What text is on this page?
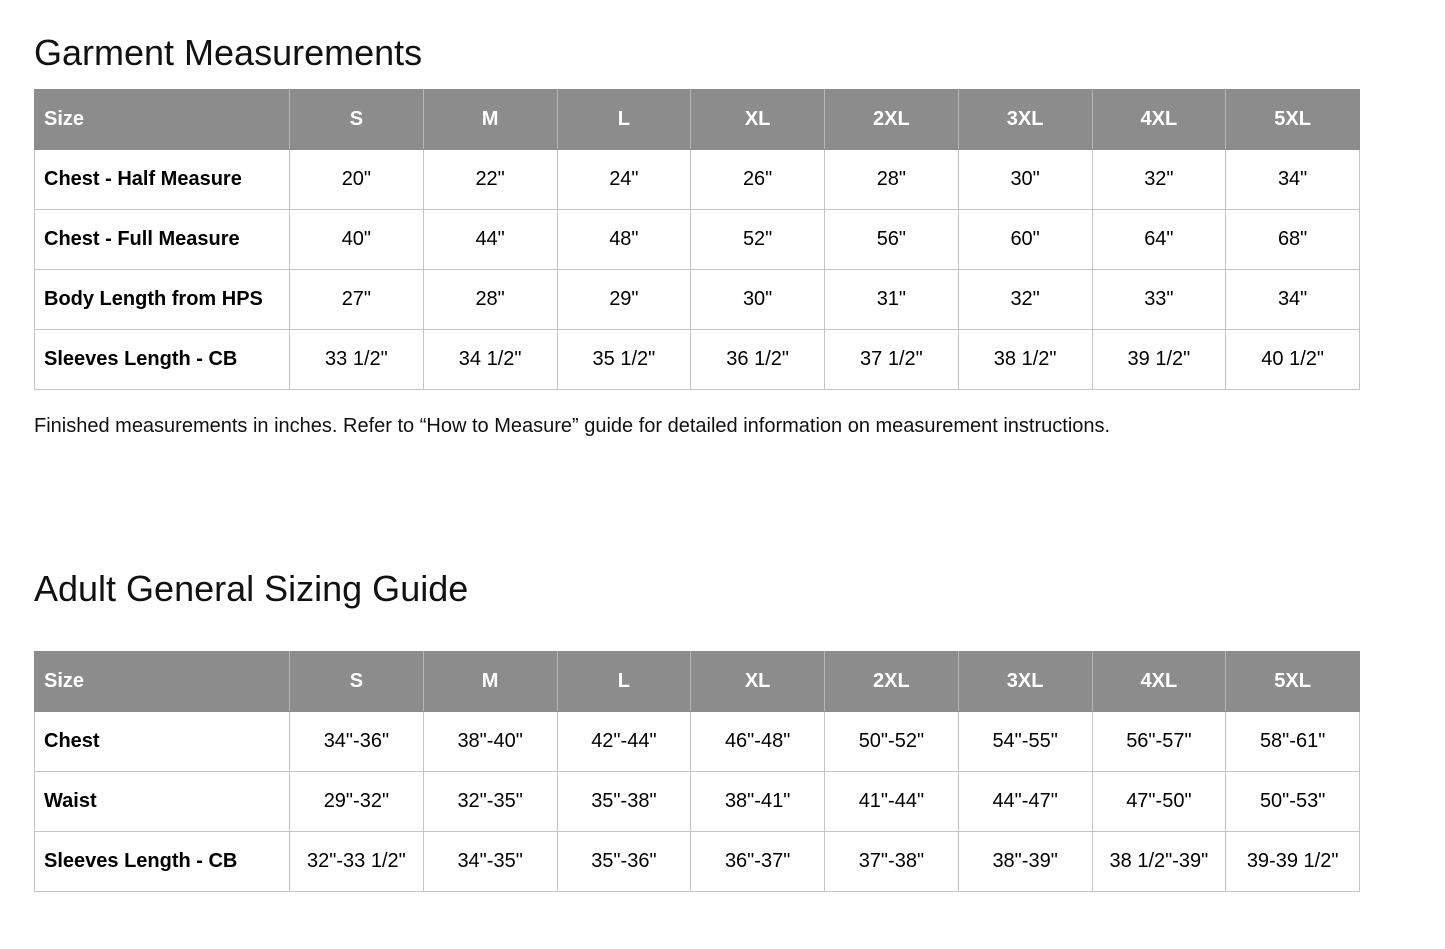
Garment Measurements
Size	S	M	L	XL	2XL	3XL	4XL	5XL
Chest - Half Measure	20"	22"	24"	26"	28"	30"	32"	34"
Chest - Full Measure	40"	44"	48"	52"	56"	60"	64"	68"
Body Length from HPS	27"	28"	29"	30"	31"	32"	33"	34"
Sleeves Length - CB	33 1/2"	34 1/2"	35 1/2"	36 1/2"	37 1/2"	38 1/2"	39 1/2"	40 1/2"

Finished measurements in inches. Refer to “How to Measure” guide for detailed information on measurement instructions.

Adult General Sizing Guide
Size	S	M	L	XL	2XL	3XL	4XL	5XL
Chest	34"-36"	38"-40"	42"-44"	46"-48"	50"-52"	54"-55"	56"-57"	58"-61"
Waist	29"-32"	32"-35"	35"-38"	38"-41"	41"-44"	44"-47"	47"-50"	50"-53"
Sleeves Length - CB	32"-33 1/2"	34"-35"	35"-36"	36"-37"	37"-38"	38"-39"	38 1/2"-39"	39-39 1/2"
